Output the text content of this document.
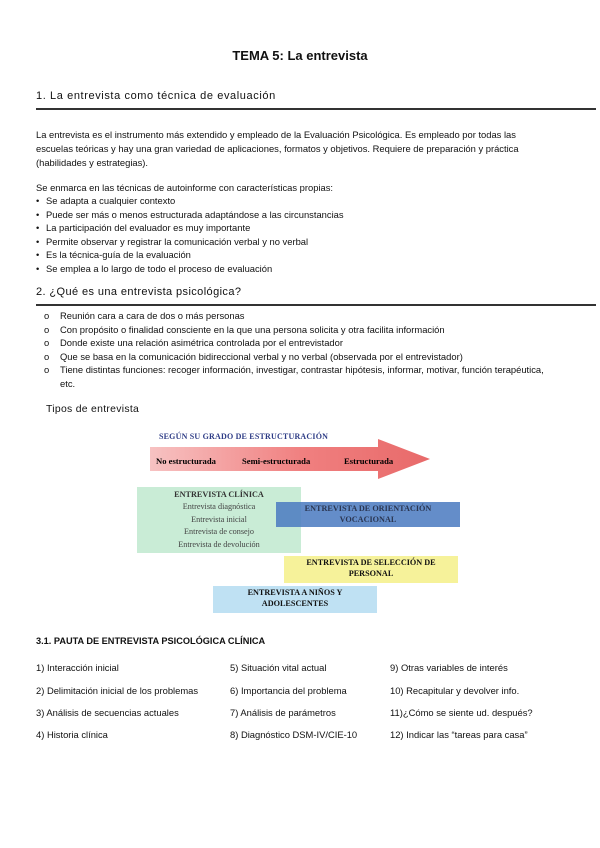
TEMA 5: La entrevista
1. La entrevista como técnica de evaluación
La entrevista es el instrumento más extendido y empleado de la Evaluación Psicológica. Es empleado por todas las
escuelas teóricas y hay una gran variedad de aplicaciones, formatos y objetivos. Requiere de preparación y práctica
(habilidades y estrategias).
Se enmarca en las técnicas de autoinforme con características propias:
• Se adapta a cualquier contexto
• Puede ser más o menos estructurada adaptándose a las circunstancias
• La participación del evaluador es muy importante
• Permite observar y registrar la comunicación verbal y no verbal
• Es la técnica-guía de la evaluación
• Se emplea a lo largo de todo el proceso de evaluación
2. ¿Qué es una entrevista psicológica?
o Reunión cara a cara de dos o más personas
o Con propósito o finalidad consciente en la que una persona solicita y otra facilita información
o Donde existe una relación asimétrica controlada por el entrevistador
o Que se basa en la comunicación bidireccional verbal y no verbal (observada por el entrevistador)
o Tiene distintas funciones: recoger información, investigar, contrastar hipótesis, informar, motivar, función terapéutica, etc.
Tipos de entrevista
SEGÚN SU GRADO DE ESTRUCTURACIÓN
No estructurada	Semi-estructurada	Estructurada
ENTREVISTA CLÍNICA
Entrevista diagnóstica
Entrevista inicial
Entrevista de consejo
Entrevista de devolución
ENTREVISTA DE ORIENTACIÓN
VOCACIONAL
ENTREVISTA DE SELECCIÓN DE
PERSONAL
ENTREVISTA A NIÑOS Y
ADOLESCENTES
3.1. PAUTA DE ENTREVISTA PSICOLÓGICA CLÍNICA
1) Interacción inicial
2) Delimitación inicial de los problemas
3) Análisis de secuencias actuales
4) Historia clínica
5) Situación vital actual
6) Importancia del problema
7) Análisis de parámetros
8) Diagnóstico DSM-IV/CIE-10
9) Otras variables de interés
10) Recapitular y devolver info.
11)¿Cómo se siente ud. después?
12) Indicar las “tareas para casa”
